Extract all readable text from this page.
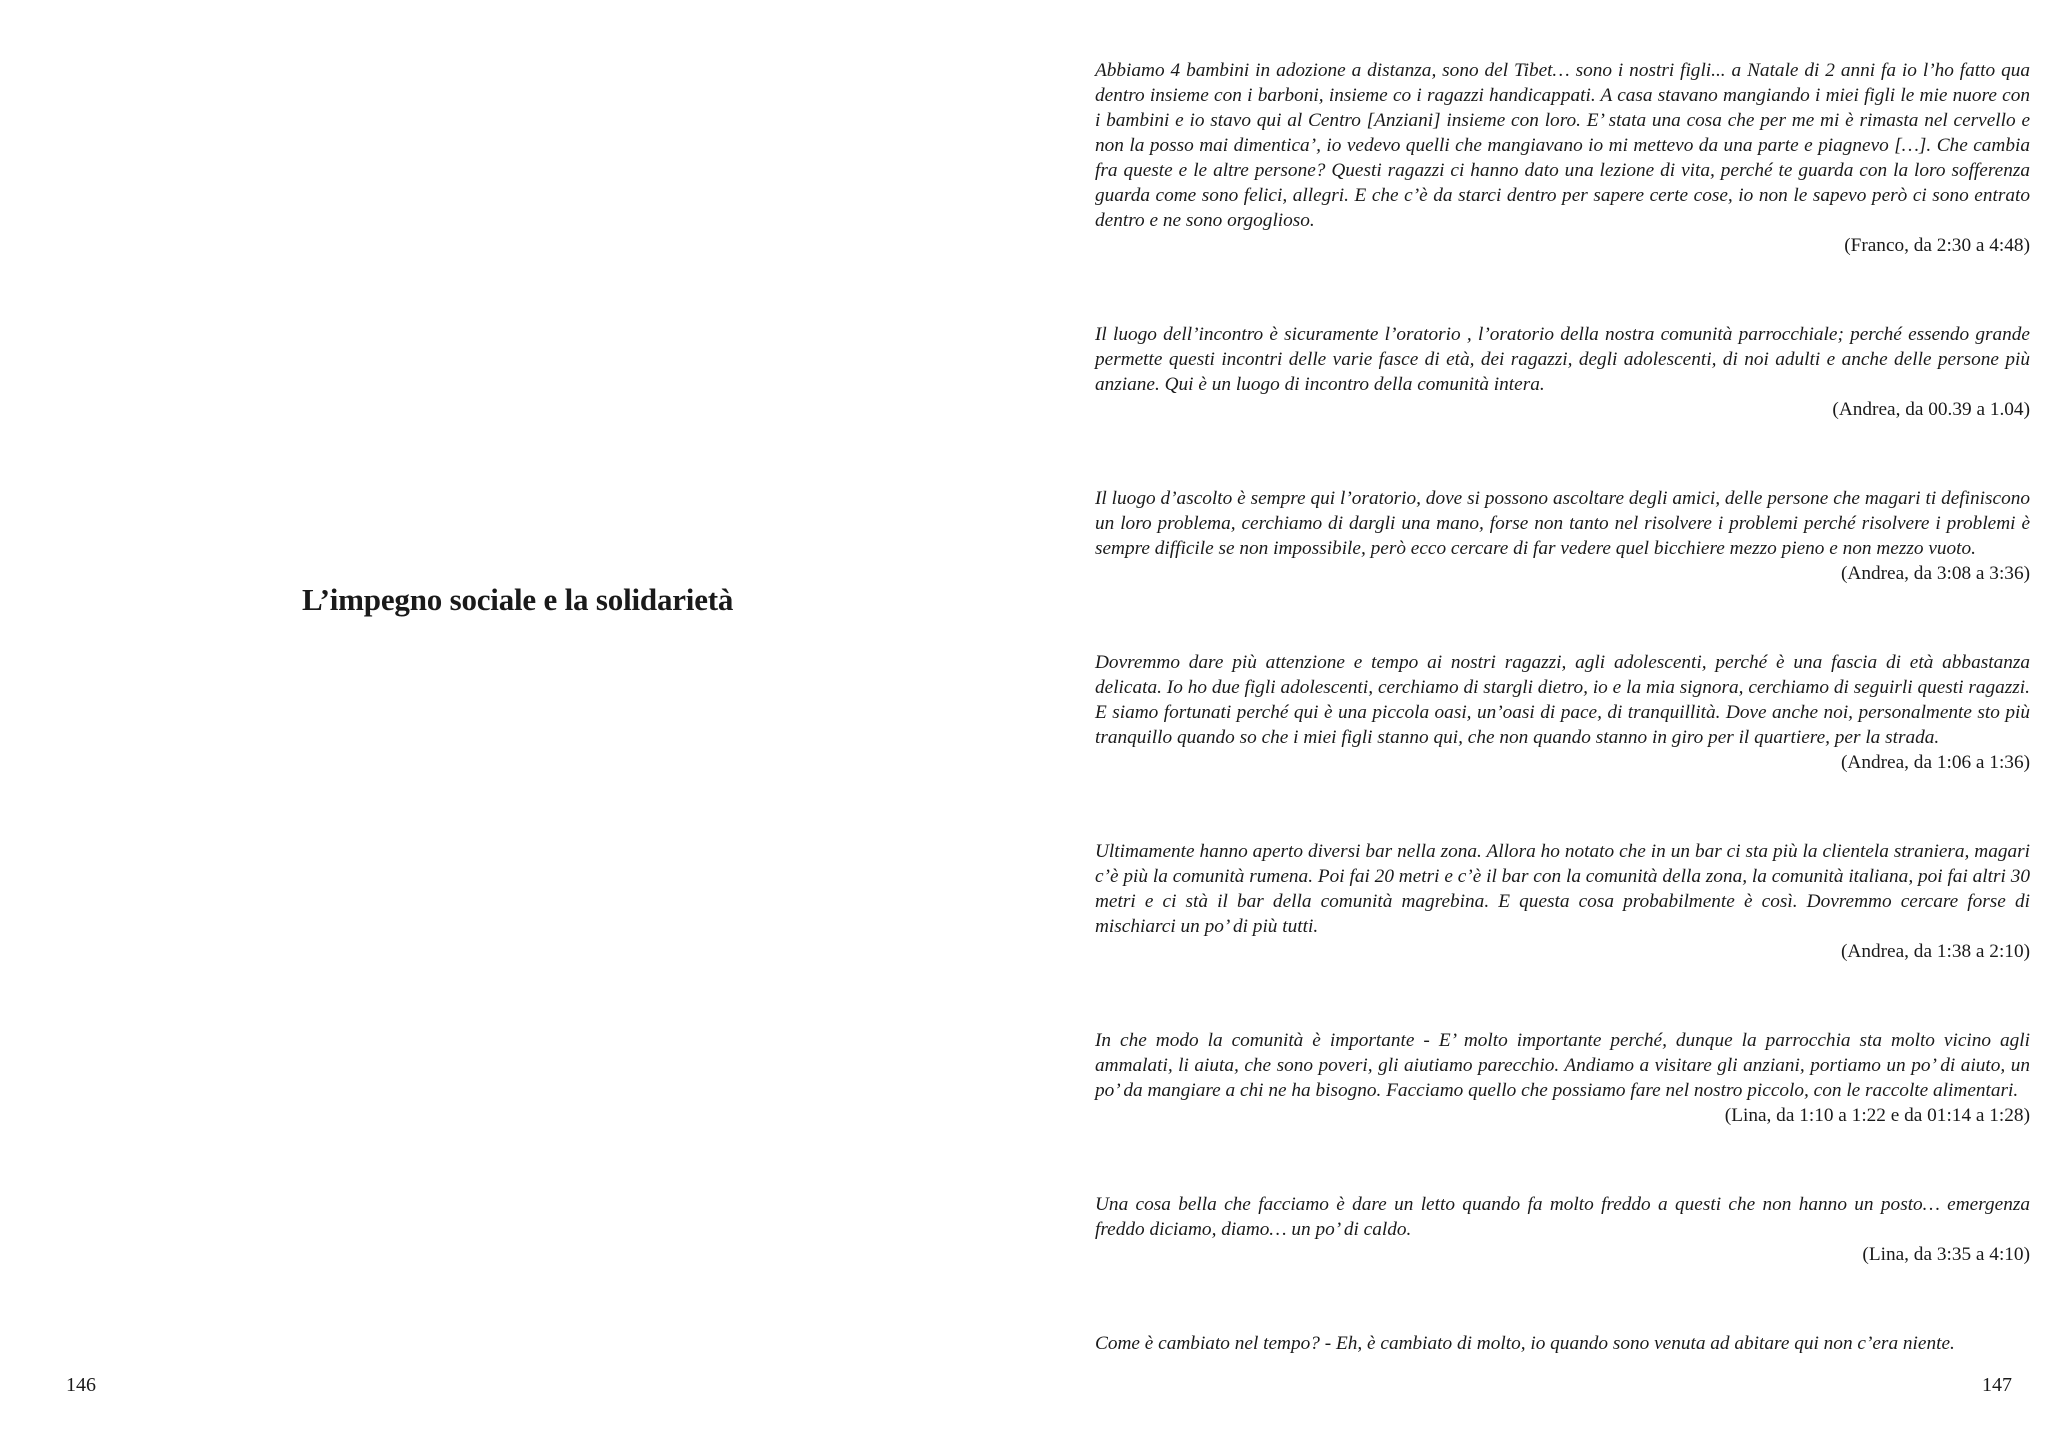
L’impegno sociale e la solidarietà

146

Abbiamo 4 bambini in adozione a distanza, sono del Tibet… sono i nostri figli... a Natale di 2 anni fa io l’ho fatto qua dentro insieme con i barboni, insieme co i ragazzi handicappati. A casa stavano mangiando i miei figli le mie nuore con i bambini e io stavo qui al Centro [Anziani] insieme con loro. E’ stata una cosa che per me mi è rimasta nel cervello e non la posso mai dimentica’, io vedevo quelli che mangiavano io mi mettevo da una parte e piagnevo […]. Che cambia fra queste e le altre persone? Questi ragazzi ci hanno dato una lezione di vita, perché te guarda con la loro sofferenza guarda come sono felici, allegri. E che c’è da starci dentro per sapere certe cose, io non le sapevo però ci sono entrato dentro e ne sono orgoglioso.

(Franco, da 2:30 a 4:48)

Il luogo dell’incontro è sicuramente l’oratorio , l’oratorio della nostra comunità parrocchiale; perché essendo grande permette questi incontri delle varie fasce di età, dei ragazzi, degli adolescenti, di noi adulti e anche delle persone più anziane. Qui è un luogo di incontro della comunità intera.

(Andrea, da 00.39 a 1.04)

Il luogo d’ascolto è sempre qui l’oratorio, dove si possono ascoltare degli amici, delle persone che magari ti definiscono un loro problema, cerchiamo di dargli una mano, forse non tanto nel risolvere i problemi perché risolvere i problemi è sempre difficile se non impossibile, però ecco cercare di far vedere quel bicchiere mezzo pieno e non mezzo vuoto.

(Andrea, da 3:08 a 3:36)

Dovremmo dare più attenzione e tempo ai nostri ragazzi, agli adolescenti, perché è una fascia di età abbastanza delicata. Io ho due figli adolescenti, cerchiamo di stargli dietro, io e la mia signora, cerchiamo di seguirli questi ragazzi. E siamo fortunati perché qui è una piccola oasi, un’oasi di pace, di tranquillità. Dove anche noi, personalmente sto più tranquillo quando so che i miei figli stanno qui, che non quando stanno in giro per il quartiere, per la strada.

(Andrea, da 1:06 a 1:36)

Ultimamente hanno aperto diversi bar nella zona. Allora ho notato che in un bar ci sta più la clientela straniera, magari c’è più la comunità rumena. Poi fai 20 metri e c’è il bar con la comunità della zona, la comunità italiana, poi fai altri 30 metri e ci stà il bar della comunità magrebina. E questa cosa probabilmente è così. Dovremmo cercare forse di mischiarci un po’ di più tutti.

(Andrea, da 1:38 a 2:10)

In che modo la comunità è importante - E’ molto importante perché, dunque la parrocchia sta molto vicino agli ammalati, li aiuta, che sono poveri, gli aiutiamo parecchio. Andiamo a visitare gli anziani, portiamo un po’ di aiuto, un po’ da mangiare a chi ne ha bisogno. Facciamo quello che possiamo fare nel nostro piccolo, con le raccolte alimentari.

(Lina, da 1:10 a 1:22 e da 01:14 a 1:28)

Una cosa bella che facciamo è dare un letto quando fa molto freddo a questi che non hanno un posto… emergenza freddo diciamo, diamo… un po’ di caldo.

(Lina, da 3:35 a 4:10)

Come è cambiato nel tempo? - Eh, è cambiato di molto, io quando sono venuta ad abitare qui non c’era niente.

147
